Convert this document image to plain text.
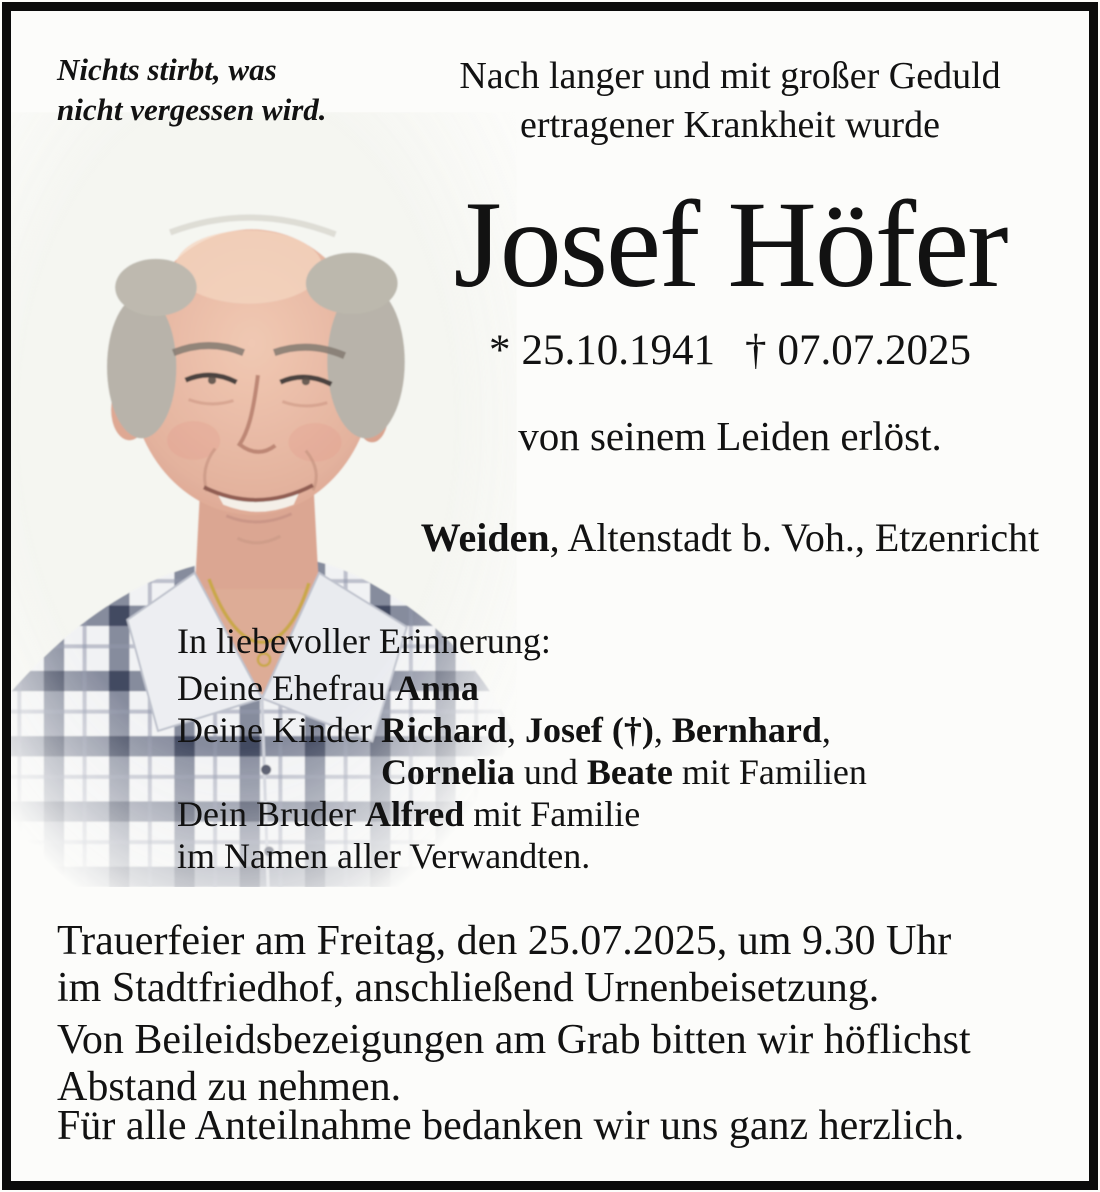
Nichts stirbt, was
nicht vergessen wird.
Nach langer und mit großer Geduld
ertragener Krankheit wurde
Josef Höfer
* 25.10.1941 † 07.07.2025
von seinem Leiden erlöst.
Weiden, Altenstadt b. Voh., Etzenricht
In liebevoller Erinnerung:
Deine Ehefrau Anna
Deine Kinder Richard, Josef (†), Bernhard,
Cornelia und Beate mit Familien
Dein Bruder Alfred mit Familie
im Namen aller Verwandten.
Trauerfeier am Freitag, den 25.07.2025, um 9.30 Uhr
im Stadtfriedhof, anschließend Urnenbeisetzung.
Von Beileidsbezeigungen am Grab bitten wir höflichst
Abstand zu nehmen.
Für alle Anteilnahme bedanken wir uns ganz herzlich.
